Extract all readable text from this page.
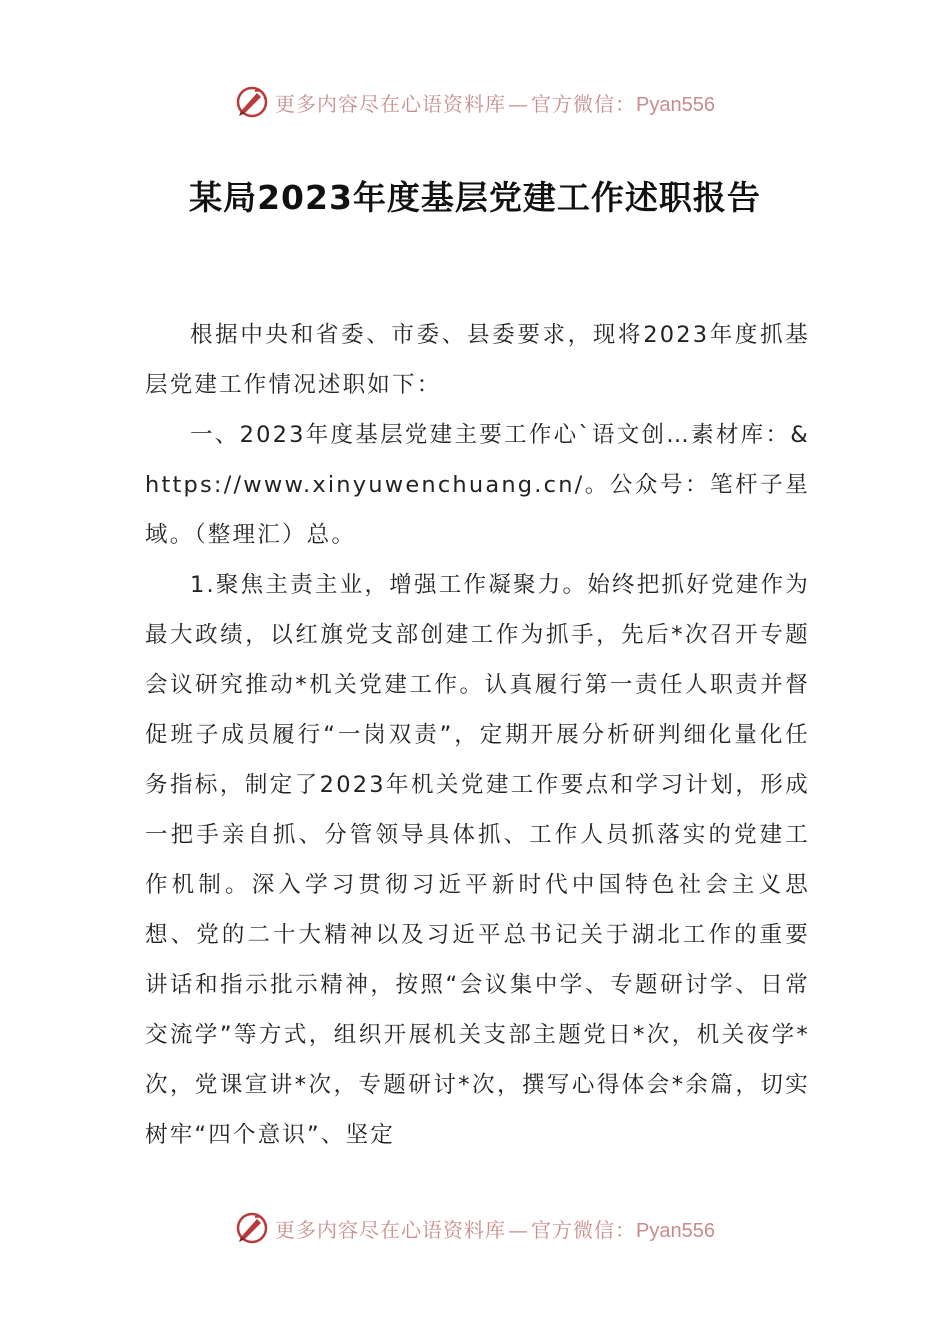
更多内容尽在心语资料库 — 官方微信：Pyan556
某局2023年度基层党建工作述职报告

根据中央和省委、市委、县委要求，现将2023年度抓基层党建工作情况述职如下：

一、2023年度基层党建主要工作心`语文创…素材库：&https://www.xinyuwenchuang.cn/。公众号：笔杆子星域。（整理汇）总。

1.聚焦主责主业，增强工作凝聚力。始终把抓好党建作为最大政绩，以红旗党支部创建工作为抓手，先后*次召开专题会议研究推动*机关党建工作。认真履行第一责任人职责并督促班子成员履行“一岗双责”，定期开展分析研判细化量化任务指标，制定了2023年机关党建工作要点和学习计划，形成一把手亲自抓、分管领导具体抓、工作人员抓落实的党建工作机制。深入学习贯彻习近平新时代中国特色社会主义思想、党的二十大精神以及习近平总书记关于湖北工作的重要讲话和指示批示精神，按照“会议集中学、专题研讨学、日常交流学”等方式，组织开展机关支部主题党日*次，机关夜学*次，党课宣讲*次，专题研讨*次，撰写心得体会*余篇，切实树牢“四个意识”、坚定

更多内容尽在心语资料库 — 官方微信：Pyan556
